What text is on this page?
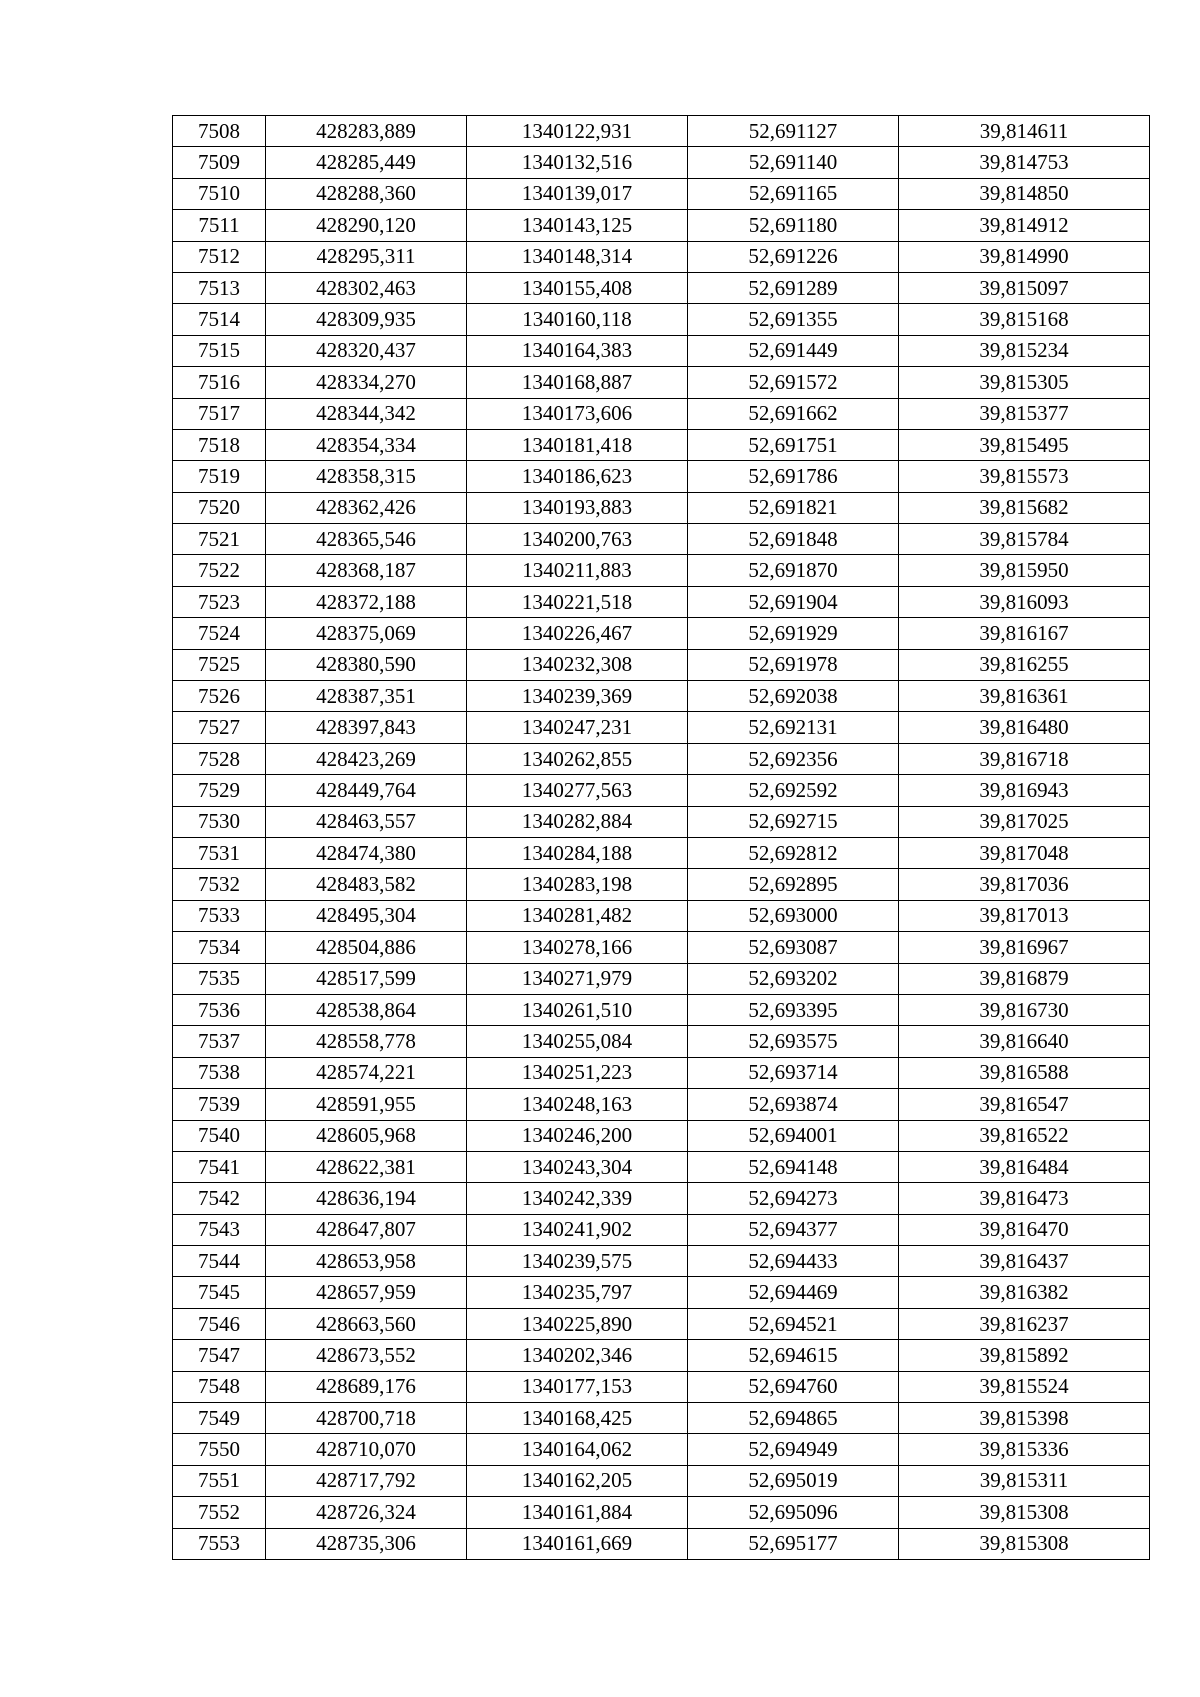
7508	428283,889	1340122,931	52,691127	39,814611
7509	428285,449	1340132,516	52,691140	39,814753
7510	428288,360	1340139,017	52,691165	39,814850
7511	428290,120	1340143,125	52,691180	39,814912
7512	428295,311	1340148,314	52,691226	39,814990
7513	428302,463	1340155,408	52,691289	39,815097
7514	428309,935	1340160,118	52,691355	39,815168
7515	428320,437	1340164,383	52,691449	39,815234
7516	428334,270	1340168,887	52,691572	39,815305
7517	428344,342	1340173,606	52,691662	39,815377
7518	428354,334	1340181,418	52,691751	39,815495
7519	428358,315	1340186,623	52,691786	39,815573
7520	428362,426	1340193,883	52,691821	39,815682
7521	428365,546	1340200,763	52,691848	39,815784
7522	428368,187	1340211,883	52,691870	39,815950
7523	428372,188	1340221,518	52,691904	39,816093
7524	428375,069	1340226,467	52,691929	39,816167
7525	428380,590	1340232,308	52,691978	39,816255
7526	428387,351	1340239,369	52,692038	39,816361
7527	428397,843	1340247,231	52,692131	39,816480
7528	428423,269	1340262,855	52,692356	39,816718
7529	428449,764	1340277,563	52,692592	39,816943
7530	428463,557	1340282,884	52,692715	39,817025
7531	428474,380	1340284,188	52,692812	39,817048
7532	428483,582	1340283,198	52,692895	39,817036
7533	428495,304	1340281,482	52,693000	39,817013
7534	428504,886	1340278,166	52,693087	39,816967
7535	428517,599	1340271,979	52,693202	39,816879
7536	428538,864	1340261,510	52,693395	39,816730
7537	428558,778	1340255,084	52,693575	39,816640
7538	428574,221	1340251,223	52,693714	39,816588
7539	428591,955	1340248,163	52,693874	39,816547
7540	428605,968	1340246,200	52,694001	39,816522
7541	428622,381	1340243,304	52,694148	39,816484
7542	428636,194	1340242,339	52,694273	39,816473
7543	428647,807	1340241,902	52,694377	39,816470
7544	428653,958	1340239,575	52,694433	39,816437
7545	428657,959	1340235,797	52,694469	39,816382
7546	428663,560	1340225,890	52,694521	39,816237
7547	428673,552	1340202,346	52,694615	39,815892
7548	428689,176	1340177,153	52,694760	39,815524
7549	428700,718	1340168,425	52,694865	39,815398
7550	428710,070	1340164,062	52,694949	39,815336
7551	428717,792	1340162,205	52,695019	39,815311
7552	428726,324	1340161,884	52,695096	39,815308
7553	428735,306	1340161,669	52,695177	39,815308
